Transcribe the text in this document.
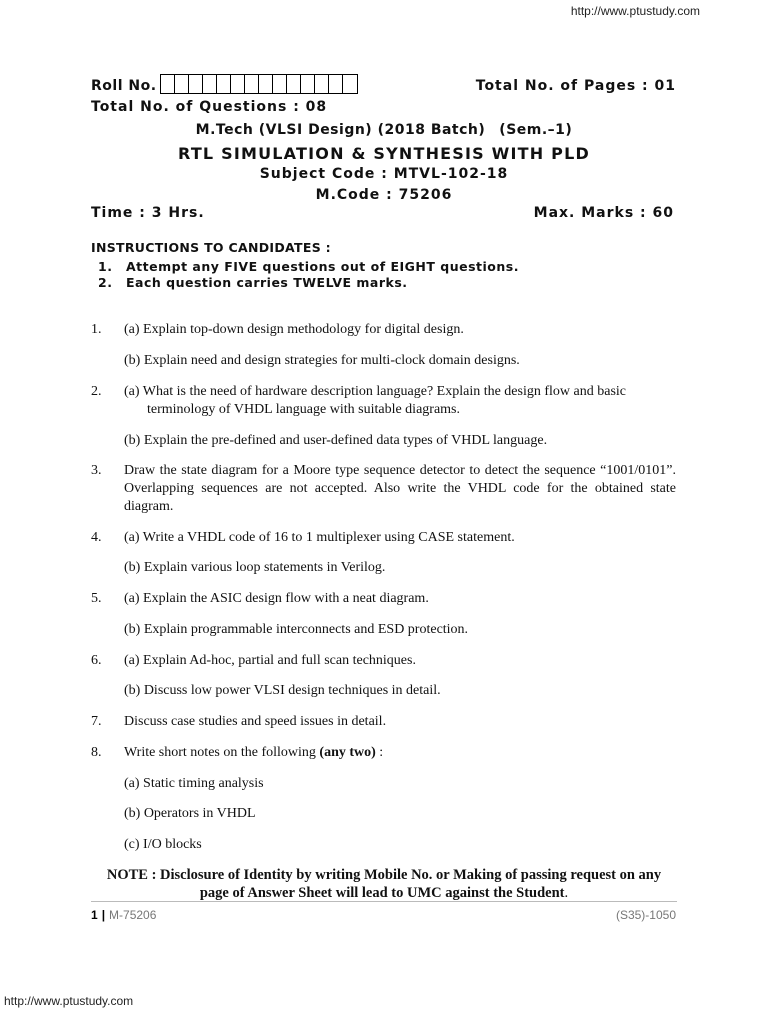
http://www.ptustudy.com
Roll No.	Total No. of Pages : 01
Total No. of Questions : 08
M.Tech (VLSI Design) (2018 Batch) (Sem.–1)
RTL SIMULATION & SYNTHESIS WITH PLD
Subject Code : MTVL-102-18
M.Code : 75206
Time : 3 Hrs.	Max. Marks : 60
INSTRUCTIONS TO CANDIDATES :
1. Attempt any FIVE questions out of EIGHT questions.
2. Each question carries TWELVE marks.
1. (a) Explain top-down design methodology for digital design.
(b) Explain need and design strategies for multi-clock domain designs.
2. (a) What is the need of hardware description language? Explain the design flow and basic terminology of VHDL language with suitable diagrams.
(b) Explain the pre-defined and user-defined data types of VHDL language.
3. Draw the state diagram for a Moore type sequence detector to detect the sequence “1001/0101”. Overlapping sequences are not accepted. Also write the VHDL code for the obtained state diagram.
4. (a) Write a VHDL code of 16 to 1 multiplexer using CASE statement.
(b) Explain various loop statements in Verilog.
5. (a) Explain the ASIC design flow with a neat diagram.
(b) Explain programmable interconnects and ESD protection.
6. (a) Explain Ad-hoc, partial and full scan techniques.
(b) Discuss low power VLSI design techniques in detail.
7. Discuss case studies and speed issues in detail.
8. Write short notes on the following (any two) :
(a) Static timing analysis
(b) Operators in VHDL
(c) I/O blocks
NOTE : Disclosure of Identity by writing Mobile No. or Making of passing request on any
page of Answer Sheet will lead to UMC against the Student.
1 | M-75206	(S35)-1050
http://www.ptustudy.com
